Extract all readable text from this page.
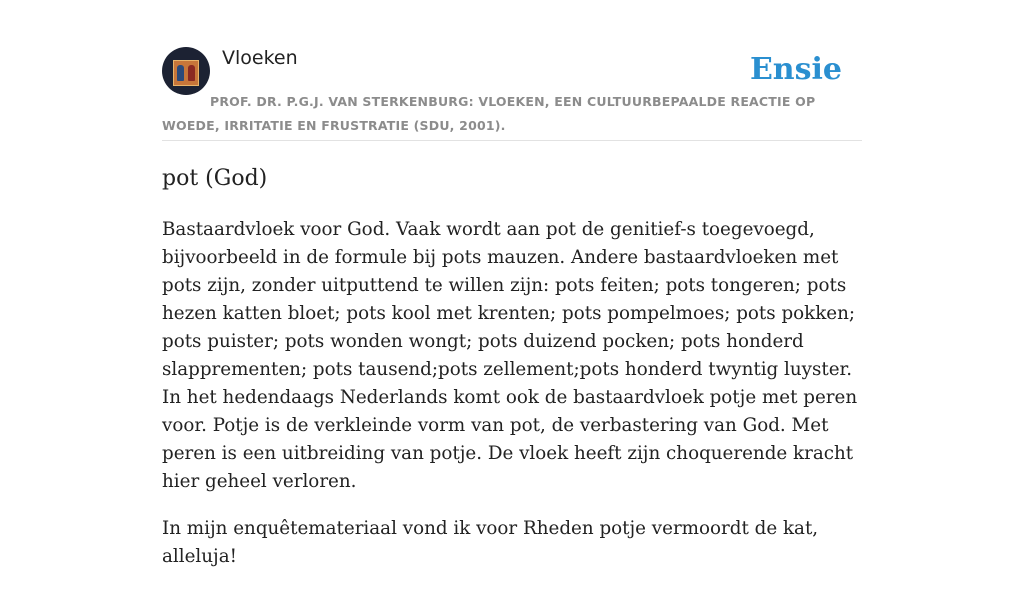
Vloeken	Ensie
PROF. DR. P.G.J. VAN STERKENBURG: VLOEKEN, EEN CULTUURBEPAALDE REACTIE OP WOEDE, IRRITATIE EN FRUSTRATIE (SDU, 2001).
pot (God)

Bastaardvloek voor God. Vaak wordt aan pot de genitief-s toegevoegd, bijvoorbeeld in de formule bij pots mauzen. Andere bastaardvloeken met pots zijn, zonder uitputtend te willen zijn: pots feiten; pots tongeren; pots hezen katten bloet; pots kool met krenten; pots pompelmoes; pots pokken; pots puister; pots wonden wongt; pots duizend pocken; pots honderd slapprementen; pots tausend;pots zellement;pots honderd twyntig luyster. In het hedendaags Nederlands komt ook de bastaardvloek potje met peren voor. Potje is de verkleinde vorm van pot, de verbastering van God. Met peren is een uitbreiding van potje. De vloek heeft zijn choquerende kracht hier geheel verloren.

In mijn enquêtemateriaal vond ik voor Rheden potje vermoordt de kat, alleluja!
